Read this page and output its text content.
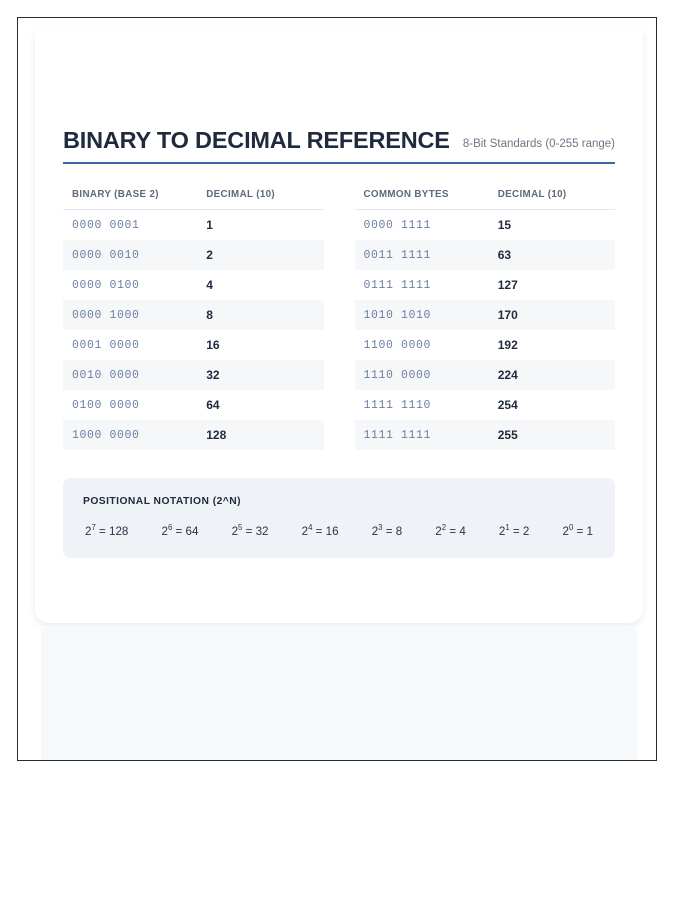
BINARY TO DECIMAL REFERENCE 8-Bit Standards (0-255 range)
BINARY (BASE 2)	DECIMAL (10)
0000 0001	1
0000 0010	2
0000 0100	4
0000 1000	8
0001 0000	16
0010 0000	32
0100 0000	64
1000 0000	128
COMMON BYTES	DECIMAL (10)
0000 1111	15
0011 1111	63
0111 1111	127
1010 1010	170
1100 0000	192
1110 0000	224
1111 1110	254
1111 1111	255
POSITIONAL NOTATION (2^N)
$2^7 = 128$	$2^6 = 64$	$2^5 = 32$	$2^4 = 16$	$2^3 = 8$	$2^2 = 4$	$2^1 = 2$	$2^0 = 1$
